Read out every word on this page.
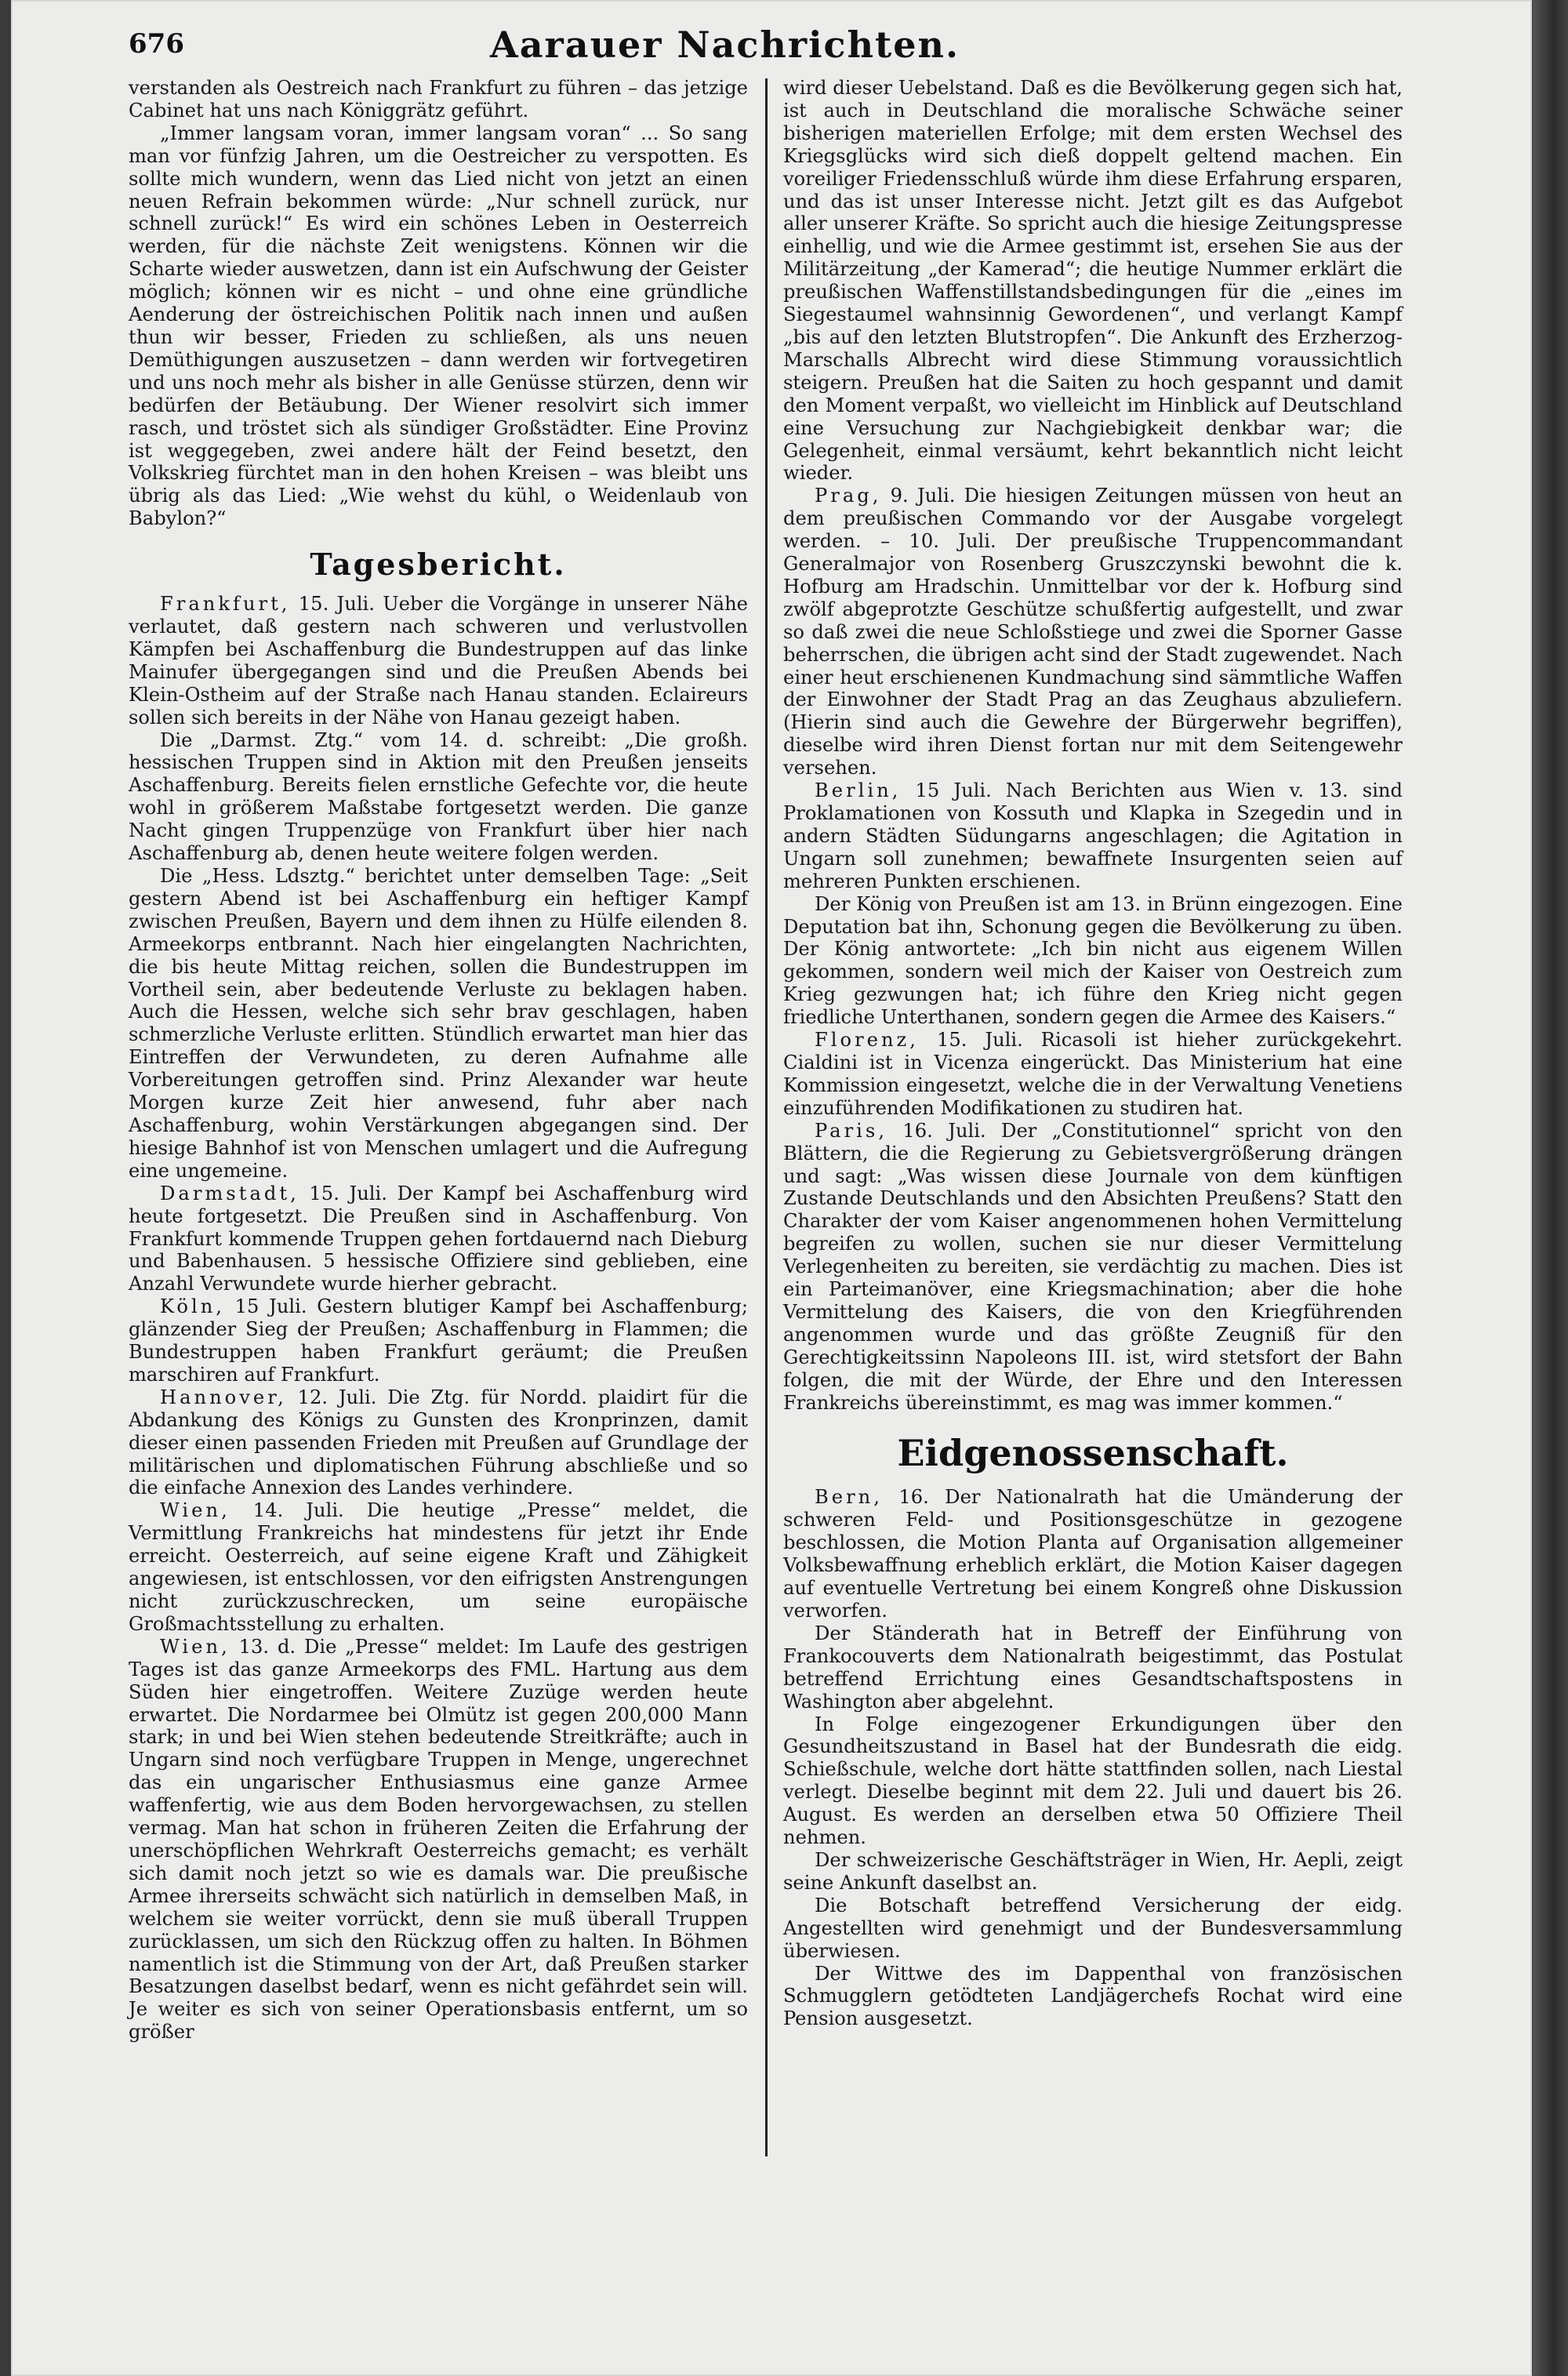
676	Aarauer Nachrichten.

verstanden als Oestreich nach Frankfurt zu führen – das jetzige Cabinet hat uns nach Königgrätz geführt.

„Immer langsam voran, immer langsam voran“ ... So sang man vor fünfzig Jahren, um die Oestreicher zu verspotten. Es sollte mich wundern, wenn das Lied nicht von jetzt an einen neuen Refrain bekommen würde: „Nur schnell zurück, nur schnell zurück!“ Es wird ein schönes Leben in Oesterreich werden, für die nächste Zeit wenigstens. Können wir die Scharte wieder auswetzen, dann ist ein Aufschwung der Geister möglich; können wir es nicht – und ohne eine gründliche Aenderung der östreichischen Politik nach innen und außen thun wir besser, Frieden zu schließen, als uns neuen Demüthigungen auszusetzen – dann werden wir fortvegetiren und uns noch mehr als bisher in alle Genüsse stürzen, denn wir bedürfen der Betäubung. Der Wiener resolvirt sich immer rasch, und tröstet sich als sündiger Großstädter. Eine Provinz ist weggegeben, zwei andere hält der Feind besetzt, den Volkskrieg fürchtet man in den hohen Kreisen – was bleibt uns übrig als das Lied: „Wie wehst du kühl, o Weidenlaub von Babylon?“

Tagesbericht.

Frankfurt, 15. Juli. Ueber die Vorgänge in unserer Nähe verlautet, daß gestern nach schweren und verlustvollen Kämpfen bei Aschaffenburg die Bundestruppen auf das linke Mainufer übergegangen sind und die Preußen Abends bei Klein-Ostheim auf der Straße nach Hanau standen. Eclaireurs sollen sich bereits in der Nähe von Hanau gezeigt haben.

Die „Darmst. Ztg.“ vom 14. d. schreibt: „Die großh. hessischen Truppen sind in Aktion mit den Preußen jenseits Aschaffenburg. Bereits fielen ernstliche Gefechte vor, die heute wohl in größerem Maßstabe fortgesetzt werden. Die ganze Nacht gingen Truppenzüge von Frankfurt über hier nach Aschaffenburg ab, denen heute weitere folgen werden.

Die „Hess. Ldsztg.“ berichtet unter demselben Tage: „Seit gestern Abend ist bei Aschaffenburg ein heftiger Kampf zwischen Preußen, Bayern und dem ihnen zu Hülfe eilenden 8. Armeekorps entbrannt. Nach hier eingelangten Nachrichten, die bis heute Mittag reichen, sollen die Bundestruppen im Vortheil sein, aber bedeutende Verluste zu beklagen haben. Auch die Hessen, welche sich sehr brav geschlagen, haben schmerzliche Verluste erlitten. Stündlich erwartet man hier das Eintreffen der Verwundeten, zu deren Aufnahme alle Vorbereitungen getroffen sind. Prinz Alexander war heute Morgen kurze Zeit hier anwesend, fuhr aber nach Aschaffenburg, wohin Verstärkungen abgegangen sind. Der hiesige Bahnhof ist von Menschen umlagert und die Aufregung eine ungemeine.

Darmstadt, 15. Juli. Der Kampf bei Aschaffenburg wird heute fortgesetzt. Die Preußen sind in Aschaffenburg. Von Frankfurt kommende Truppen gehen fortdauernd nach Dieburg und Babenhausen. 5 hessische Offiziere sind geblieben, eine Anzahl Verwundete wurde hierher gebracht.

Köln, 15 Juli. Gestern blutiger Kampf bei Aschaffenburg; glänzender Sieg der Preußen; Aschaffenburg in Flammen; die Bundestruppen haben Frankfurt geräumt; die Preußen marschiren auf Frankfurt.

Hannover, 12. Juli. Die Ztg. für Nordd. plaidirt für die Abdankung des Königs zu Gunsten des Kronprinzen, damit dieser einen passenden Frieden mit Preußen auf Grundlage der militärischen und diplomatischen Führung abschließe und so die einfache Annexion des Landes verhindere.

Wien, 14. Juli. Die heutige „Presse“ meldet, die Vermittlung Frankreichs hat mindestens für jetzt ihr Ende erreicht. Oesterreich, auf seine eigene Kraft und Zähigkeit angewiesen, ist entschlossen, vor den eifrigsten Anstrengungen nicht zurückzuschrecken, um seine europäische Großmachtsstellung zu erhalten.

Wien, 13. d. Die „Presse“ meldet: Im Laufe des gestrigen Tages ist das ganze Armeekorps des FML. Hartung aus dem Süden hier eingetroffen. Weitere Zuzüge werden heute erwartet. Die Nordarmee bei Olmütz ist gegen 200,000 Mann stark; in und bei Wien stehen bedeutende Streitkräfte; auch in Ungarn sind noch verfügbare Truppen in Menge, ungerechnet das ein ungarischer Enthusiasmus eine ganze Armee waffenfertig, wie aus dem Boden hervorgewachsen, zu stellen vermag. Man hat schon in früheren Zeiten die Erfahrung der unerschöpflichen Wehrkraft Oesterreichs gemacht; es verhält sich damit noch jetzt so wie es damals war. Die preußische Armee ihrerseits schwächt sich natürlich in demselben Maß, in welchem sie weiter vorrückt, denn sie muß überall Truppen zurücklassen, um sich den Rückzug offen zu halten. In Böhmen namentlich ist die Stimmung von der Art, daß Preußen starker Besatzungen daselbst bedarf, wenn es nicht gefährdet sein will. Je weiter es sich von seiner Operationsbasis entfernt, um so größer

wird dieser Uebelstand. Daß es die Bevölkerung gegen sich hat, ist auch in Deutschland die moralische Schwäche seiner bisherigen materiellen Erfolge; mit dem ersten Wechsel des Kriegsglücks wird sich dieß doppelt geltend machen. Ein voreiliger Friedensschluß würde ihm diese Erfahrung ersparen, und das ist unser Interesse nicht. Jetzt gilt es das Aufgebot aller unserer Kräfte. So spricht auch die hiesige Zeitungspresse einhellig, und wie die Armee gestimmt ist, ersehen Sie aus der Militärzeitung „der Kamerad“; die heutige Nummer erklärt die preußischen Waffenstillstandsbedingungen für die „eines im Siegestaumel wahnsinnig Gewordenen“, und verlangt Kampf „bis auf den letzten Blutstropfen“. Die Ankunft des Erzherzog-Marschalls Albrecht wird diese Stimmung voraussichtlich steigern. Preußen hat die Saiten zu hoch gespannt und damit den Moment verpaßt, wo vielleicht im Hinblick auf Deutschland eine Versuchung zur Nachgiebigkeit denkbar war; die Gelegenheit, einmal versäumt, kehrt bekanntlich nicht leicht wieder.

Prag, 9. Juli. Die hiesigen Zeitungen müssen von heut an dem preußischen Commando vor der Ausgabe vorgelegt werden. – 10. Juli. Der preußische Truppencommandant Generalmajor von Rosenberg Gruszczynski bewohnt die k. Hofburg am Hradschin. Unmittelbar vor der k. Hofburg sind zwölf abgeprotzte Geschütze schußfertig aufgestellt, und zwar so daß zwei die neue Schloßstiege und zwei die Sporner Gasse beherrschen, die übrigen acht sind der Stadt zugewendet. Nach einer heut erschienenen Kundmachung sind sämmtliche Waffen der Einwohner der Stadt Prag an das Zeughaus abzuliefern. (Hierin sind auch die Gewehre der Bürgerwehr begriffen), dieselbe wird ihren Dienst fortan nur mit dem Seitengewehr versehen.

Berlin, 15 Juli. Nach Berichten aus Wien v. 13. sind Proklamationen von Kossuth und Klapka in Szegedin und in andern Städten Südungarns angeschlagen; die Agitation in Ungarn soll zunehmen; bewaffnete Insurgenten seien auf mehreren Punkten erschienen.

Der König von Preußen ist am 13. in Brünn eingezogen. Eine Deputation bat ihn, Schonung gegen die Bevölkerung zu üben. Der König antwortete: „Ich bin nicht aus eigenem Willen gekommen, sondern weil mich der Kaiser von Oestreich zum Krieg gezwungen hat; ich führe den Krieg nicht gegen friedliche Unterthanen, sondern gegen die Armee des Kaisers.“

Florenz, 15. Juli. Ricasoli ist hieher zurückgekehrt. Cialdini ist in Vicenza eingerückt. Das Ministerium hat eine Kommission eingesetzt, welche die in der Verwaltung Venetiens einzuführenden Modifikationen zu studiren hat.

Paris, 16. Juli. Der „Constitutionnel“ spricht von den Blättern, die die Regierung zu Gebietsvergrößerung drängen und sagt: „Was wissen diese Journale von dem künftigen Zustande Deutschlands und den Absichten Preußens? Statt den Charakter der vom Kaiser angenommenen hohen Vermittelung begreifen zu wollen, suchen sie nur dieser Vermittelung Verlegenheiten zu bereiten, sie verdächtig zu machen. Dies ist ein Parteimanöver, eine Kriegsmachination; aber die hohe Vermittelung des Kaisers, die von den Kriegführenden angenommen wurde und das größte Zeugniß für den Gerechtigkeitssinn Napoleons III. ist, wird stetsfort der Bahn folgen, die mit der Würde, der Ehre und den Interessen Frankreichs übereinstimmt, es mag was immer kommen.“

Eidgenossenschaft.

Bern, 16. Der Nationalrath hat die Umänderung der schweren Feld- und Positionsgeschütze in gezogene beschlossen, die Motion Planta auf Organisation allgemeiner Volksbewaffnung erheblich erklärt, die Motion Kaiser dagegen auf eventuelle Vertretung bei einem Kongreß ohne Diskussion verworfen.

Der Ständerath hat in Betreff der Einführung von Frankocouverts dem Nationalrath beigestimmt, das Postulat betreffend Errichtung eines Gesandtschaftspostens in Washington aber abgelehnt.

In Folge eingezogener Erkundigungen über den Gesundheitszustand in Basel hat der Bundesrath die eidg. Schießschule, welche dort hätte stattfinden sollen, nach Liestal verlegt. Dieselbe beginnt mit dem 22. Juli und dauert bis 26. August. Es werden an derselben etwa 50 Offiziere Theil nehmen.

Der schweizerische Geschäftsträger in Wien, Hr. Aepli, zeigt seine Ankunft daselbst an.

Die Botschaft betreffend Versicherung der eidg. Angestellten wird genehmigt und der Bundesversammlung überwiesen.

Der Wittwe des im Dappenthal von französischen Schmugglern getödteten Landjägerchefs Rochat wird eine Pension ausgesetzt.
